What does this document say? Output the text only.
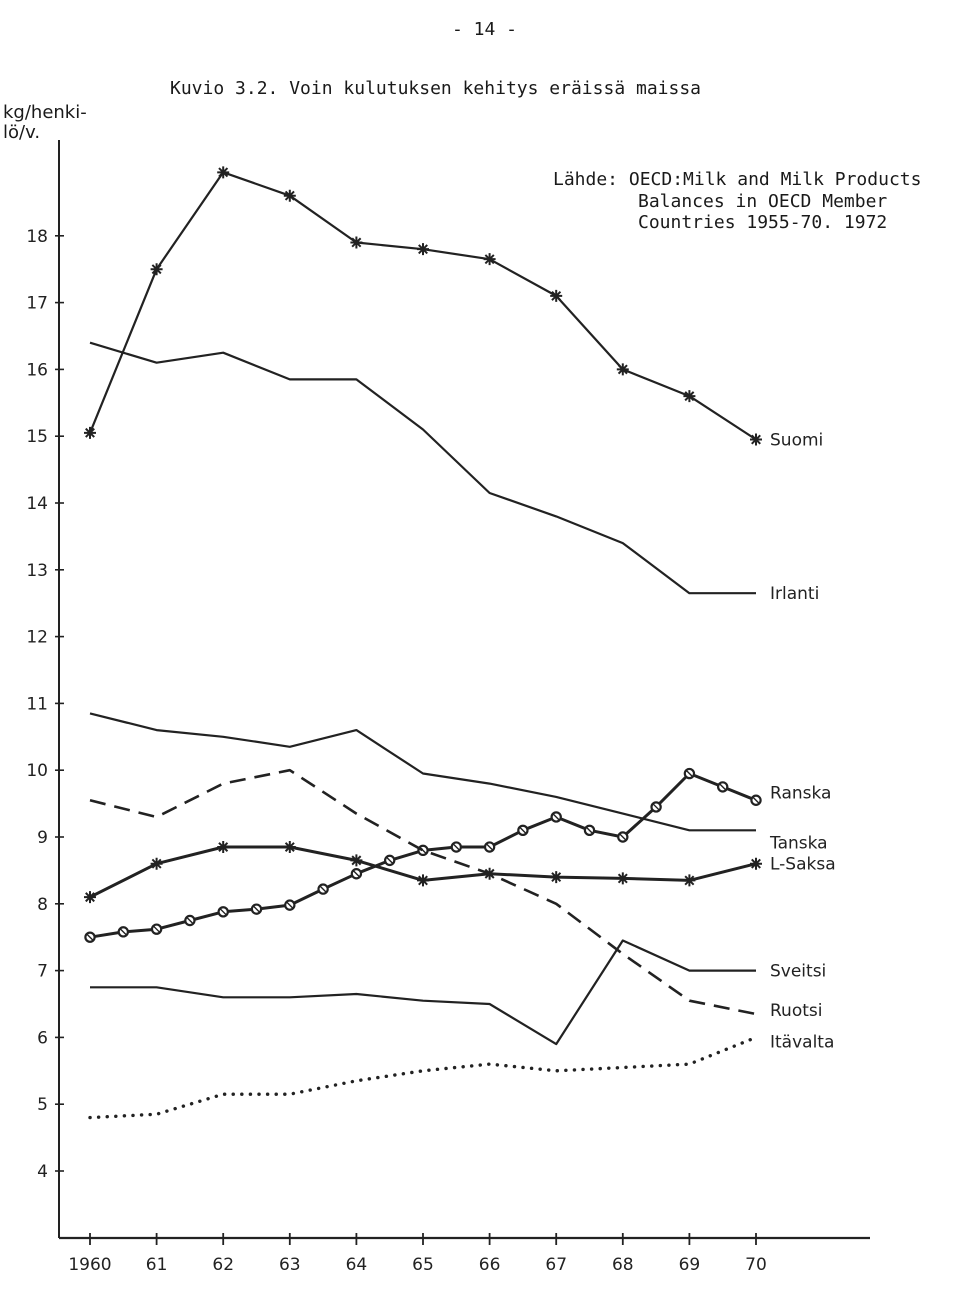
- 14 -
Kuvio 3.2. Voin kulutuksen kehitys eräissä maissa
kg/henki-
lö/v.
Lähde: OECD:Milk and Milk Products
Balances in OECD Member
Countries 1955-70. 1972
4
5
6
7
8
9
10
11
12
13
14
15
16
17
18
1960 61	62	63	64	65	66	67	68	69	70
Suomi
Irlanti
Ranska
Tanska
L-Saksa
Sveitsi
Ruotsi
Itävalta
